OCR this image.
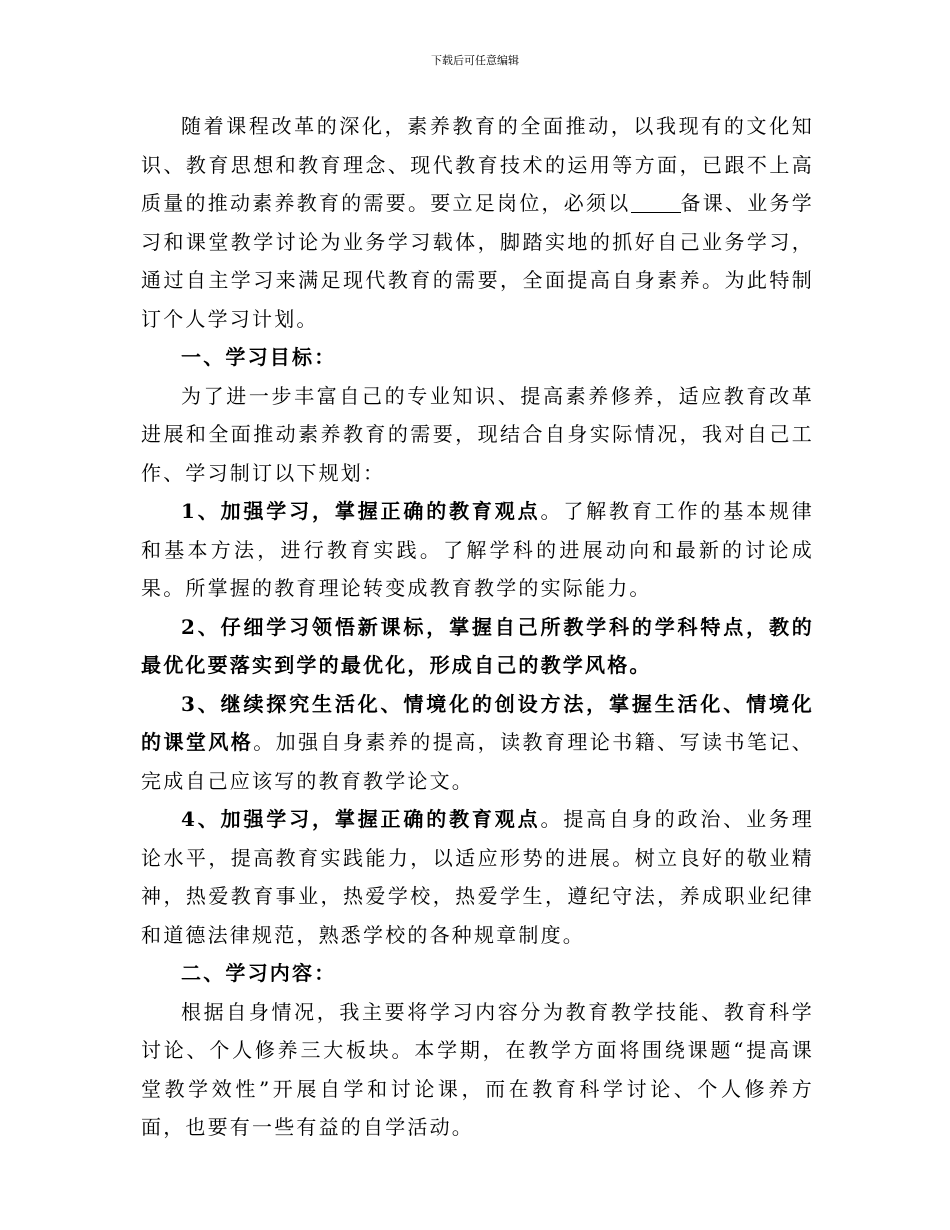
下载后可任意编辑

随着课程改革的深化，素养教育的全面推动，以我现有的文化知识、教育思想和教育理念、现代教育技术的运用等方面，已跟不上高质量的推动素养教育的需要。要立足岗位，必须以	备课、业务学习和课堂教学讨论为业务学习载体，脚踏实地的抓好自己业务学习，通过自主学习来满足现代教育的需要，全面提高自身素养。为此特制订个人学习计划。

一、学习目标：

为了进一步丰富自己的专业知识、提高素养修养，适应教育改革进展和全面推动素养教育的需要，现结合自身实际情况，我对自己工作、学习制订以下规划：

1、加强学习，掌握正确的教育观点。了解教育工作的基本规律和基本方法，进行教育实践。了解学科的进展动向和最新的讨论成果。所掌握的教育理论转变成教育教学的实际能力。

2、仔细学习领悟新课标，掌握自己所教学科的学科特点，教的最优化要落实到学的最优化，形成自己的教学风格。

3、继续探究生活化、情境化的创设方法，掌握生活化、情境化的课堂风格。加强自身素养的提高，读教育理论书籍、写读书笔记、完成自己应该写的教育教学论文。

4、加强学习，掌握正确的教育观点。提高自身的政治、业务理论水平，提高教育实践能力，以适应形势的进展。树立良好的敬业精神，热爱教育事业，热爱学校，热爱学生，遵纪守法，养成职业纪律和道德法律规范，熟悉学校的各种规章制度。

二、学习内容：

根据自身情况，我主要将学习内容分为教育教学技能、教育科学讨论、个人修养三大板块。本学期，在教学方面将围绕课题“提高课堂教学效性”开展自学和讨论课，而在教育科学讨论、个人修养方面，也要有一些有益的自学活动。
